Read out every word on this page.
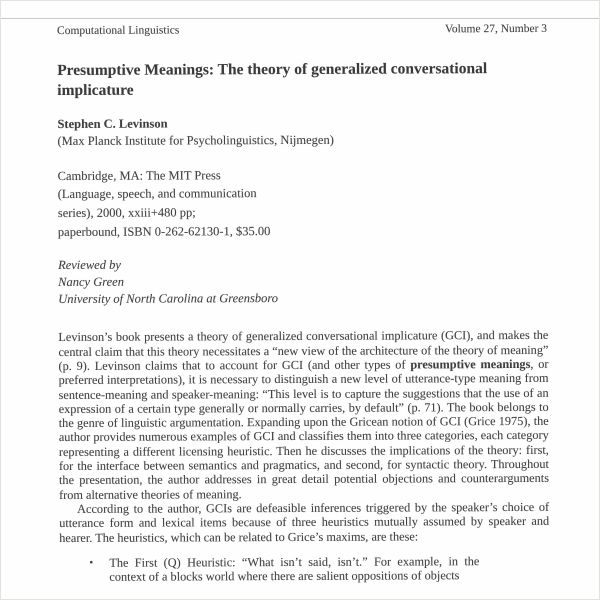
Computational Linguistics	Volume 27, Number 3
Presumptive Meanings: The theory of generalized conversational implicature
Stephen C. Levinson
(Max Planck Institute for Psycholinguistics, Nijmegen)
Cambridge, MA: The MIT Press
(Language, speech, and communication
series), 2000, xxiii+480 pp;
paperbound, ISBN 0-262-62130-1, $35.00
Reviewed by
Nancy Green
University of North Carolina at Greensboro

Levinson’s book presents a theory of generalized conversational implicature (GCI), and makes the central claim that this theory necessitates a “new view of the architecture of the theory of meaning” (p. 9). Levinson claims that to account for GCI (and other types of presumptive meanings, or preferred interpretations), it is necessary to distinguish a new level of utterance-type meaning from sentence-meaning and speaker-meaning: “This level is to capture the suggestions that the use of an expression of a certain type generally or normally carries, by default” (p. 71). The book belongs to the genre of linguistic argumentation. Expanding upon the Gricean notion of GCI (Grice 1975), the author provides numerous examples of GCI and classifies them into three categories, each category representing a different licensing heuristic. Then he discusses the implications of the theory: first, for the interface between semantics and pragmatics, and second, for syntactic theory. Throughout the presentation, the author addresses in great detail potential objections and counterarguments from alternative theories of meaning.

According to the author, GCIs are defeasible inferences triggered by the speaker’s choice of utterance form and lexical items because of three heuristics mutually assumed by speaker and hearer. The heuristics, which can be related to Grice’s maxims, are these:

•	The First (Q) Heuristic: “What isn’t said, isn’t.” For example, in the context of a blocks world where there are salient oppositions of objects
